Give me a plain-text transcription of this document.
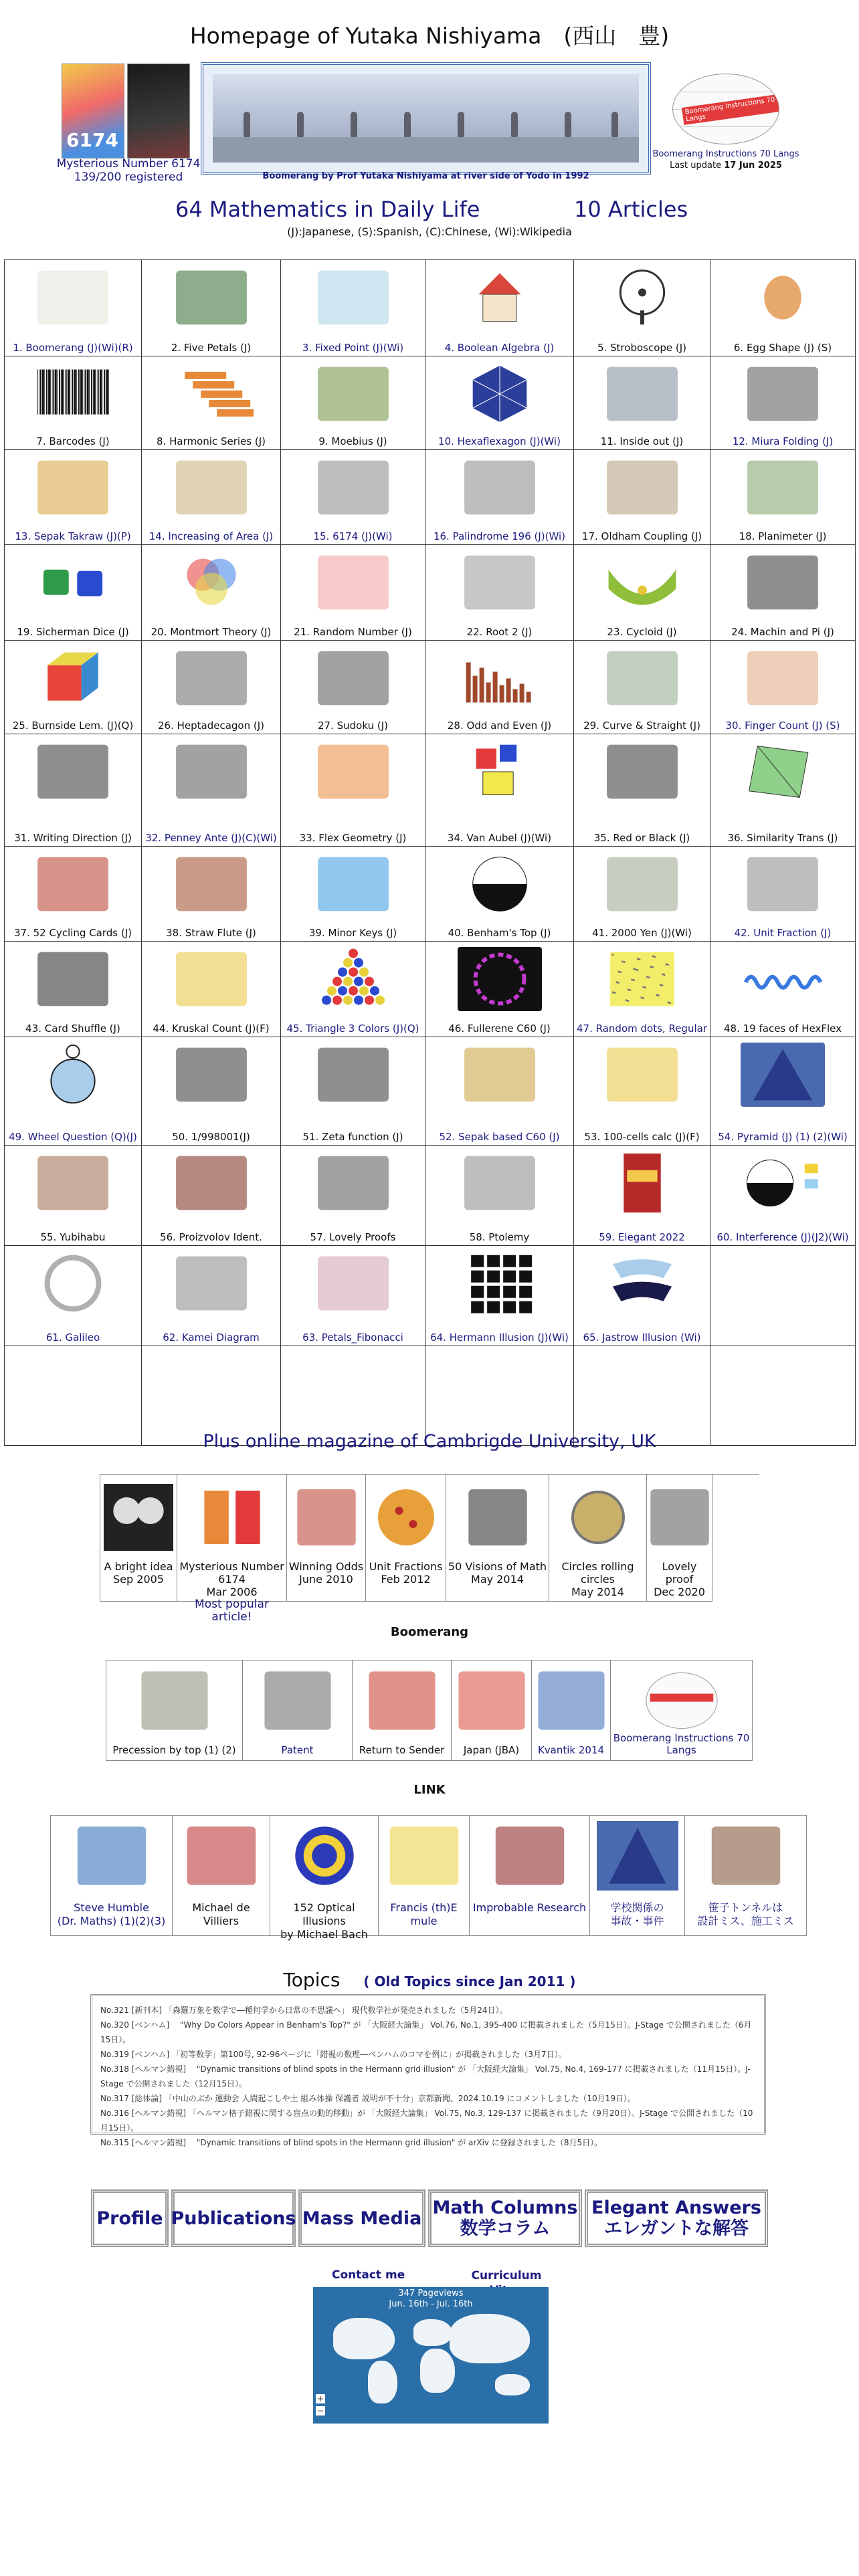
Homepage of Yutaka Nishiyama　(西山　豊)
6174
Mysterious Number 6174
139/200 registered	Boomerang by Prof Yutaka Nishiyama at river side of Yodo in 1992
Boomerang Instructions 70 Langs
Boomerang Instructions 70 Langs
Last update 17 Jun 2025
64 Mathematics in Daily Life	10 Articles
(J):Japanese, (S):Spanish, (C):Chinese, (Wi):Wikipedia
1. Boomerang (J)(Wi)(R)	2. Five Petals (J)	3. Fixed Point (J)(Wi)	4. Boolean Algebra (J)	5. Stroboscope (J)	6. Egg Shape (J) (S)
7. Barcodes (J)	8. Harmonic Series (J)	9. Moebius (J)	10. Hexaflexagon (J)(Wi)	11. Inside out (J)	12. Miura Folding (J)
13. Sepak Takraw (J)(P)	14. Increasing of Area (J)	15. 6174 (J)(Wi)	16. Palindrome 196 (J)(Wi)	17. Oldham Coupling (J)	18. Planimeter (J)
19. Sicherman Dice (J)	20. Montmort Theory (J)	21. Random Number (J)	22. Root 2 (J)	23. Cycloid (J)	24. Machin and Pi (J)
25. Burnside Lem. (J)(Q)	26. Heptadecagon (J)	27. Sudoku (J)	28. Odd and Even (J)	29. Curve & Straight (J)	30. Finger Count (J) (S)
31. Writing Direction (J)	32. Penney Ante (J)(C)(Wi)	33. Flex Geometry (J)	34. Van Aubel (J)(Wi)	35. Red or Black (J)	36. Similarity Trans (J)
37. 52 Cycling Cards (J)	38. Straw Flute (J)	39. Minor Keys (J)	40. Benham's Top (J)	41. 2000 Yen (J)(Wi)	42. Unit Fraction (J)
43. Card Shuffle (J)	44. Kruskal Count (J)(F)	45. Triangle 3 Colors (J)(Q)	46. Fullerene C60 (J)	47. Random dots, Regular	48. 19 faces of HexFlex
49. Wheel Question (Q)(J)	50. 1/998001(J)	51. Zeta function (J)	52. Sepak based C60 (J)	53. 100-cells calc (J)(F)	54. Pyramid (J) (1) (2)(Wi)
55. Yubihabu	56. Proizvolov Ident.	57. Lovely Proofs	58. Ptolemy	59. Elegant 2022	60. Interference (J)(J2)(Wi)
61. Galileo	62. Kamei Diagram	63. Petals_Fibonacci	64. Hermann Illusion (J)(Wi)	65. Jastrow Illusion (Wi)
Plus online magazine of Cambrigde University, UK
A bright idea
Sep 2005
Mysterious Number 6174
Mar 2006
Most popular article!
Winning Odds
June 2010
Unit Fractions
Feb 2012
50 Visions of Math
May 2014
Circles rolling circles
May 2014
Lovely proof
Dec 2020
Boomerang
Precession by top (1) (2)	Patent	Return to Sender	Japan (JBA)	Kvantik 2014
Boomerang Instructions 70 Langs
LINK
Steve Humble
(Dr. Maths) (1)(2)(3)
Michael de Villiers
152 Optical Illusions
by Michael Bach
Francis (th)E mule
Improbable Research	学校関係の
事故・事件
笹子トンネルは
設計ミス、施工ミス
Topics ( Old Topics since Jan 2011 )
No.321 [新刊本] 「森羅万象を数学で―種何学から日常の不思議へ」 現代数学社が発売されました（5月24日）。
No.320 [ベンハム] 　"Why Do Colors Appear in Benham's Top?" が 「大阪経大論集」 Vol.76, No.1, 395-400 に掲載されました（5月15日）。J-Stage で公開されました（6月15日）。
No.319 [ベンハム] 「初等数学」第100号, 92-96ページに「錯視の数理―ベンハムのコマを例に」が掲載されました（3月7日）。
No.318 [ヘルマン錯視] 　"Dynamic transitions of blind spots in the Hermann grid illusion" が 「大阪経大論集」 Vol.75, No.4, 169-177 に掲載されました（11月15日）。J-Stage で公開されました（12月15日）。
No.317 [総体論] 「中山のぶか 運動会 人間起こしや土 組み体操 保護者 説明が不十分」京都新聞、2024.10.19 にコメントしました（10月19日）。
No.316 [ヘルマン錯視] 「ヘルマン格子錯視に関する盲点の動的移動」が 「大阪経大論集」 Vol.75, No.3, 129-137 に掲載されました（9月20日）。J-Stage で公開されました（10月15日）。
No.315 [ヘルマン錯視] 　"Dynamic transitions of blind spots in the Hermann grid illusion" が arXiv に登録されました（8月5日）。
Profile Publications Mass Media Math Columns
数学コラム
Elegant Answers
エレガントな解答
Contact me	Curriculum

347 Pageviews
Jun. 16th - Jul. 16th
+
−
